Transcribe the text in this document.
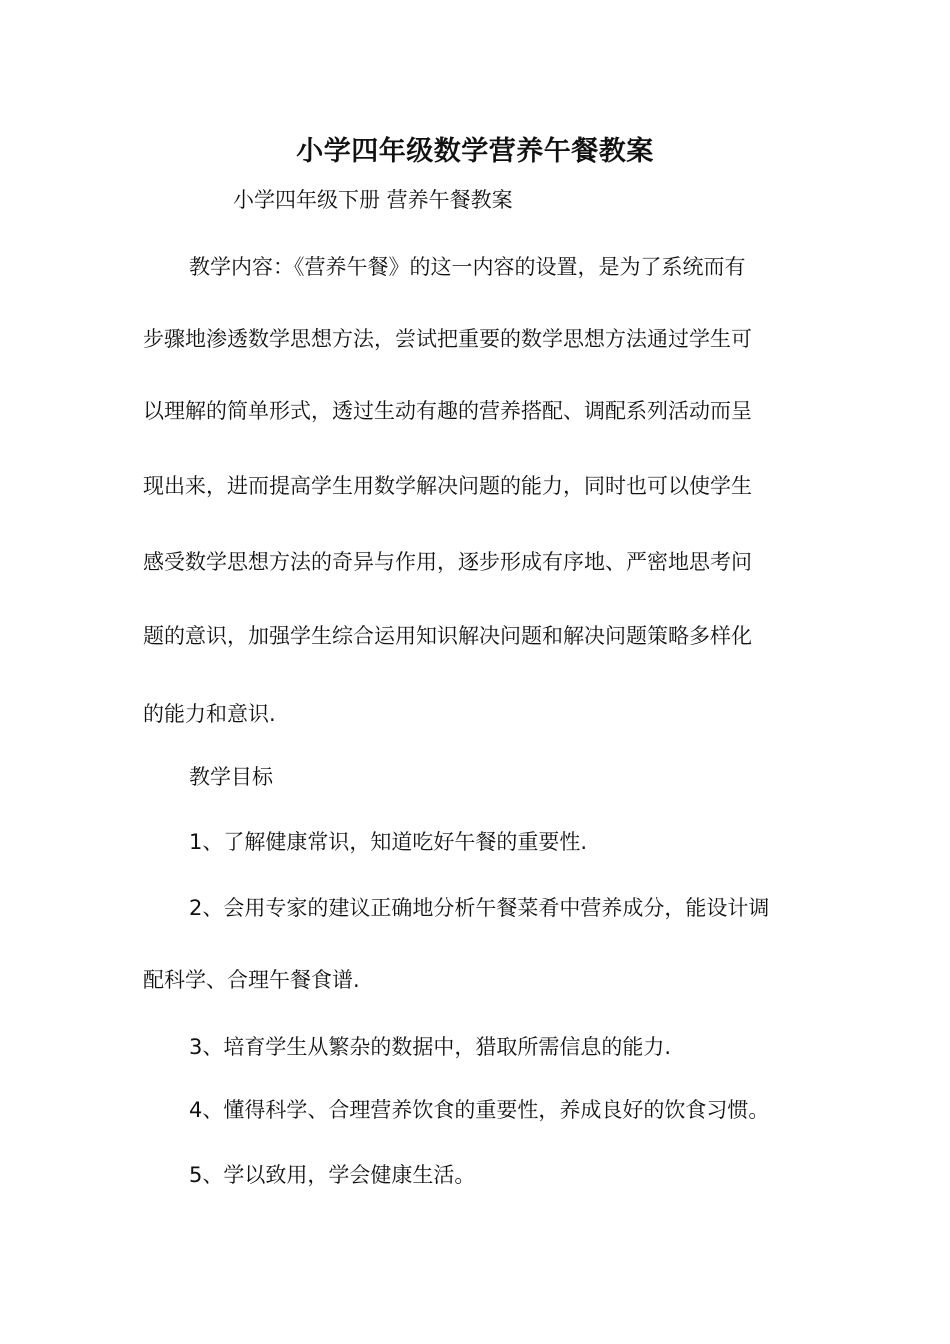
小学四年级数学营养午餐教案

小学四年级下册 营养午餐教案

教学内容：《营养午餐》的这一内容的设置，是为了系统而有

步骤地渗透数学思想方法，尝试把重要的数学思想方法通过学生可

以理解的简单形式，透过生动有趣的营养搭配、调配系列活动而呈

现出来，进而提高学生用数学解决问题的能力，同时也可以使学生

感受数学思想方法的奇异与作用，逐步形成有序地、严密地思考问

题的意识，加强学生综合运用知识解决问题和解决问题策略多样化

的能力和意识.

教学目标

1、了解健康常识，知道吃好午餐的重要性.

2、会用专家的建议正确地分析午餐菜肴中营养成分，能设计调

配科学、合理午餐食谱.

3、培育学生从繁杂的数据中，猎取所需信息的能力.

4、懂得科学、合理营养饮食的重要性，养成良好的饮食习惯。

5、学以致用，学会健康生活。
